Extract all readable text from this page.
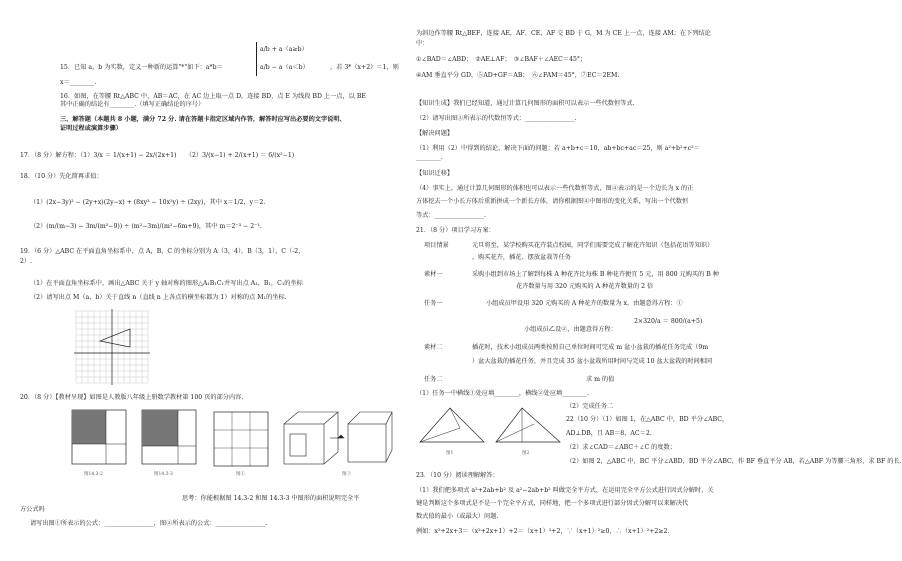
15．已知 a，b 为实数，定义一种新的运算"*"如下：a*b＝
a/b + a（a≥b）
a/b − a（a＜b）	，若 3*（x+2）＝1，则
x＝________.
16．如图，在等腰 Rt△ABC 中，AB＝AC，在 AC 边上取一点 D，连接 BD，点 E 为线段 BD 上一点，以 BE
其中正确的结论有________.（填写正确结论的序号）
三、解答题（本题共 8 小题，满分 72 分. 请在答题卡指定区域内作答，解答时应写出必要的文字说明、
证明过程或演算步骤）
17．（8 分）解方程：（1）3/x ＝ 1/(x+1) − 2x/(2x+1)　　（2）3/(x−1) + 2/(x+1) ＝ 6/(x²−1)
18．（10 分）先化简再求值：
（1）(2x−3y)² − (2y+x)(2y−x) + (8xy³ − 10x²y) ÷ (2xy)，其中 x＝1/2，y＝2.
（2）(m/(m−3) − 3m/(m²−9)) ÷ (m²−3m)/(m²−6m+9)，其中 m＝2⁻³ − 2⁻¹.
19．（6 分）△ABC 在平面直角坐标系中，点 A，B，C 的坐标分别为 A（3，4），B（3，1），C（-2，
2）.
（1）在平面直角坐标系中，画出△ABC 关于 y 轴对称的图形△A₁B₁C₁并写出点 A₁，B₁，C₁的坐标
（2）请写出点 M（a，b）关于直线 n（直线 n 上各点的横坐标都为 1）对称的点 M₁的坐标.
20．（8 分）【教材呈现】如图是人教版八年级上册数学教材第 100 页的部分内容.
图14.3-2	图14.3-3	图①	图②
思考：你能根据图 14.3-2 和图 14.3-3 中图形的面积说明完全平
方公式吗
请写出图①所表示的公式：________________，图②所表示的公式：________________.
为斜边作等腰 Rt△BEF，连接 AE，AF，CE，AF 交 BD 于 G，M 为 CE 上一点，连接 AM；在下列结论
中：
①∠BAD＝∠ABD；　②AE⊥AF；　③∠BAF＋∠AEC＝45°；
④AM 垂直平分 GD，⑤AD+GF＝AB；　⑥∠FAM＝45°，⑦EC＝2EM.
【知识生成】我们已经知道，通过计算几何图形的面积可以表示一些代数恒等式.
（2）请写出图③所表示的代数恒等式：________________.
【解决问题】
（1）利用（2）中得到的结论，解决下面的问题：若 a+b+c＝10，ab+bc+ac＝25，则 a²+b²+c²＝
________.
【知识迁移】
（4）事实上，通过计算几何图形的体积也可以表示一些代数恒等式，图④表示的是一个边长为 x 的正
方体挖去一个小长方体后重新拼成一个新长方体，请你根据图④中图形的变化关系，写出一个代数恒
等式：________________.
21．（8 分）项目学习方案：
项目情景	元旦将至，某学校购买花卉装点校园，同学们需要完成了解花卉知识（包括花语等知识）
，购买花卉，插花、摆放盆栽等任务
素材一	采购小组到市场上了解到每株 A 种花卉比每株 B 种花卉便宜 5 元，用 800 元购买的 B 种
花卉数量与用 320 元购买的 A 种花卉数量的 2 倍
任务一	小组成员甲设用 320 元购买的 A 种花卉的数量为 x，由题意得方程：①
小组成员乙设②，由题意得方程：
2×320/a ＝ 800/(a+5)
素材二	插花时，技术小组成员两类按照自己单位时间可完成 m 盆小盆栽的插花任务完成（9m
）盆大盆栽的插花任务，并且完成 35 盆小盆栽所用时间与完成 10 盆大盆栽的时间相同
任务二	求 m 的值
（1）任务一中横线①处应填________，横线②处应填________.
（2）完成任务二
22（10 分）（1）如图 1，在△ABC 中，BD 平分∠ABC，
AD⊥DB，且 AB＝8，AC＝2.
（2）求∠CAD＝∠ABC＋∠C 的度数；
（2）如图 2，△ABC 中，BC 平分∠ABD，BD 平分∠ABC，作 BF 垂直平分 AB，若△ABF 为等腰三角形，求 BF 的长.
图1	图2
23．（10 分）阅读理解解答：
（1）我们把多项式 a²+2ab+b² 及 a²−2ab+b² 叫做完全平方式，在运用完全平方公式进行因式分解时，关
键是判断这个多项式是不是一个完全平方式，同样地，把一个多项式进行部分因式分解可以来解决代
数式值的最小（或最大）问题.
例如：x²+2x+3＝（x²+2x+1）+2＝（x+1）²+2，∵（x+1）²≥0，∴（x+1）²+2≥2.
